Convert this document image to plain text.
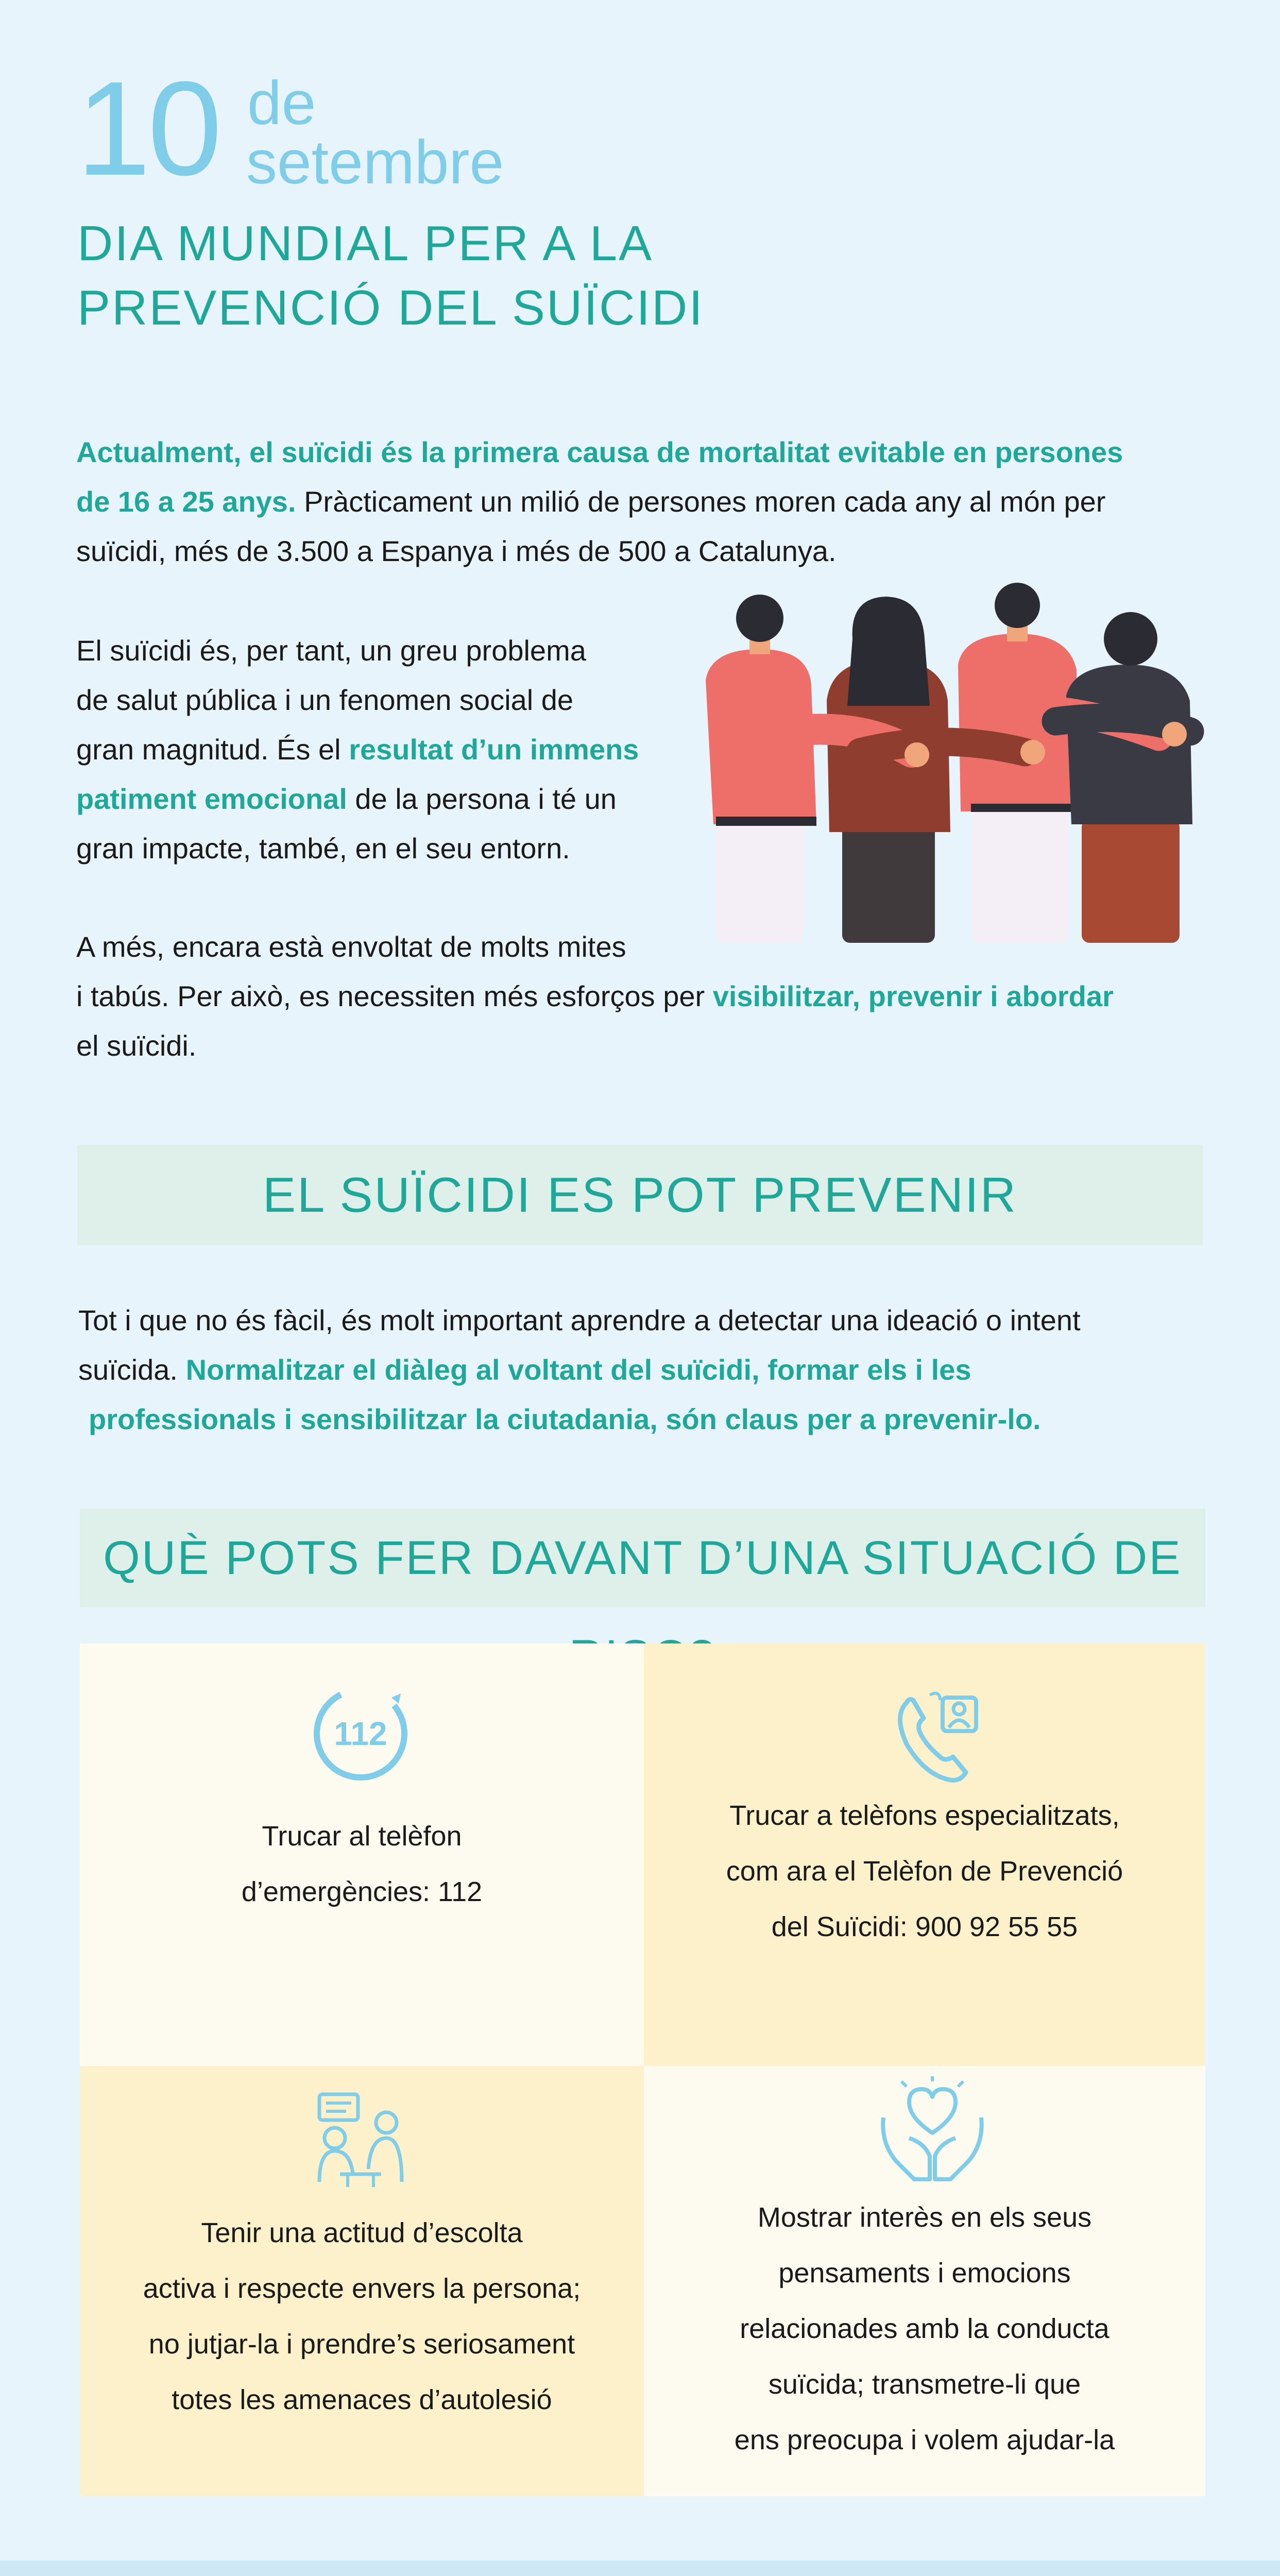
10 de
setembre
DIA MUNDIAL PER A LA
PREVENCIÓ DEL SUÏCIDI
Actualment, el suïcidi és la primera causa de mortalitat evitable en persones
de 16 a 25 anys. Pràcticament un milió de persones moren cada any al món per
suïcidi, més de 3.500 a Espanya i més de 500 a Catalunya.
El suïcidi és, per tant, un greu problema
de salut pública i un fenomen social de
gran magnitud. És el resultat d’un immens
patiment emocional de la persona i té un
gran impacte, també, en el seu entorn.
A més, encara està envoltat de molts mites
i tabús. Per això, es necessiten més esforços per visibilitzar, prevenir i abordar
el suïcidi.
EL SUÏCIDI ES POT PREVENIR
Tot i que no és fàcil, és molt important aprendre a detectar una ideació o intent
suïcida. Normalitzar el diàleg al voltant del suïcidi, formar els i les
professionals i sensibilitzar la ciutadania, són claus per a prevenir-lo.
QUÈ POTS FER DAVANT D’UNA SITUACIÓ DE
112
Trucar al telèfon
d’emergències: 112
Trucar a telèfons especialitzats,
com ara el Telèfon de Prevenció
del Suïcidi: 900 92 55 55
Tenir una actitud d’escolta
activa i respecte envers la persona;
no jutjar-la i prendre’s seriosament
totes les amenaces d’autolesió
Mostrar interès en els seus
pensaments i emocions
relacionades amb la conducta
suïcida; transmetre-li que
ens preocupa i volem ajudar-la
